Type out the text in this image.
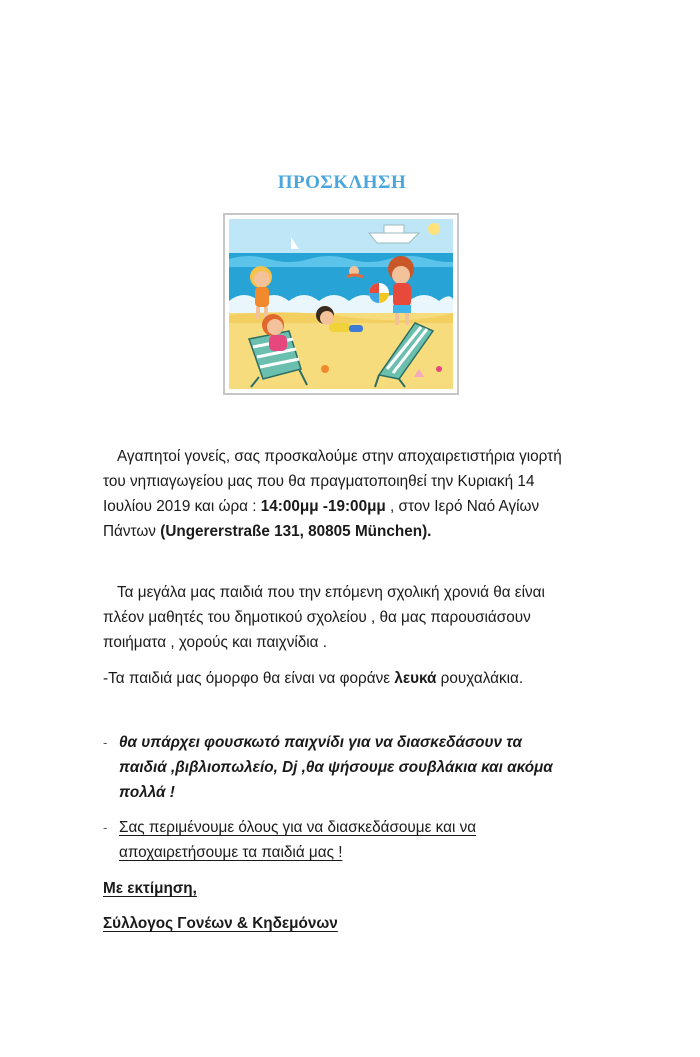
ΠΡΟΣΚΛΗΣΗ
Αγαπητοί γονείς, σας προσκαλούμε στην αποχαιρετιστήρια γιορτή του νηπιαγωγείου μας που θα πραγματοποιηθεί την Κυριακή 14 Ιουλίου 2019 και ώρα : 14:00μμ -19:00μμ , στον Ιερό Ναό Αγίων Πάντων (Ungererstraße 131, 80805 München).
Τα μεγάλα μας παιδιά που την επόμενη σχολική χρονιά θα είναι πλέον μαθητές του δημοτικού σχολείου , θα μας παρουσιάσουν ποιήματα , χορούς και παιχνίδια .
-Τα παιδιά μας όμορφο θα είναι να φοράνε λευκά ρουχαλάκια.
- θα υπάρχει φουσκωτό παιχνίδι για να διασκεδάσουν τα παιδιά ,βιβλιοπωλείο, Dj ,θα ψήσουμε σουβλάκια και ακόμα πολλά !
- Σας περιμένουμε όλους για να διασκεδάσουμε και να αποχαιρετήσουμε τα παιδιά μας !
Με εκτίμηση,
Σύλλογος Γονέων & Κηδεμόνων
